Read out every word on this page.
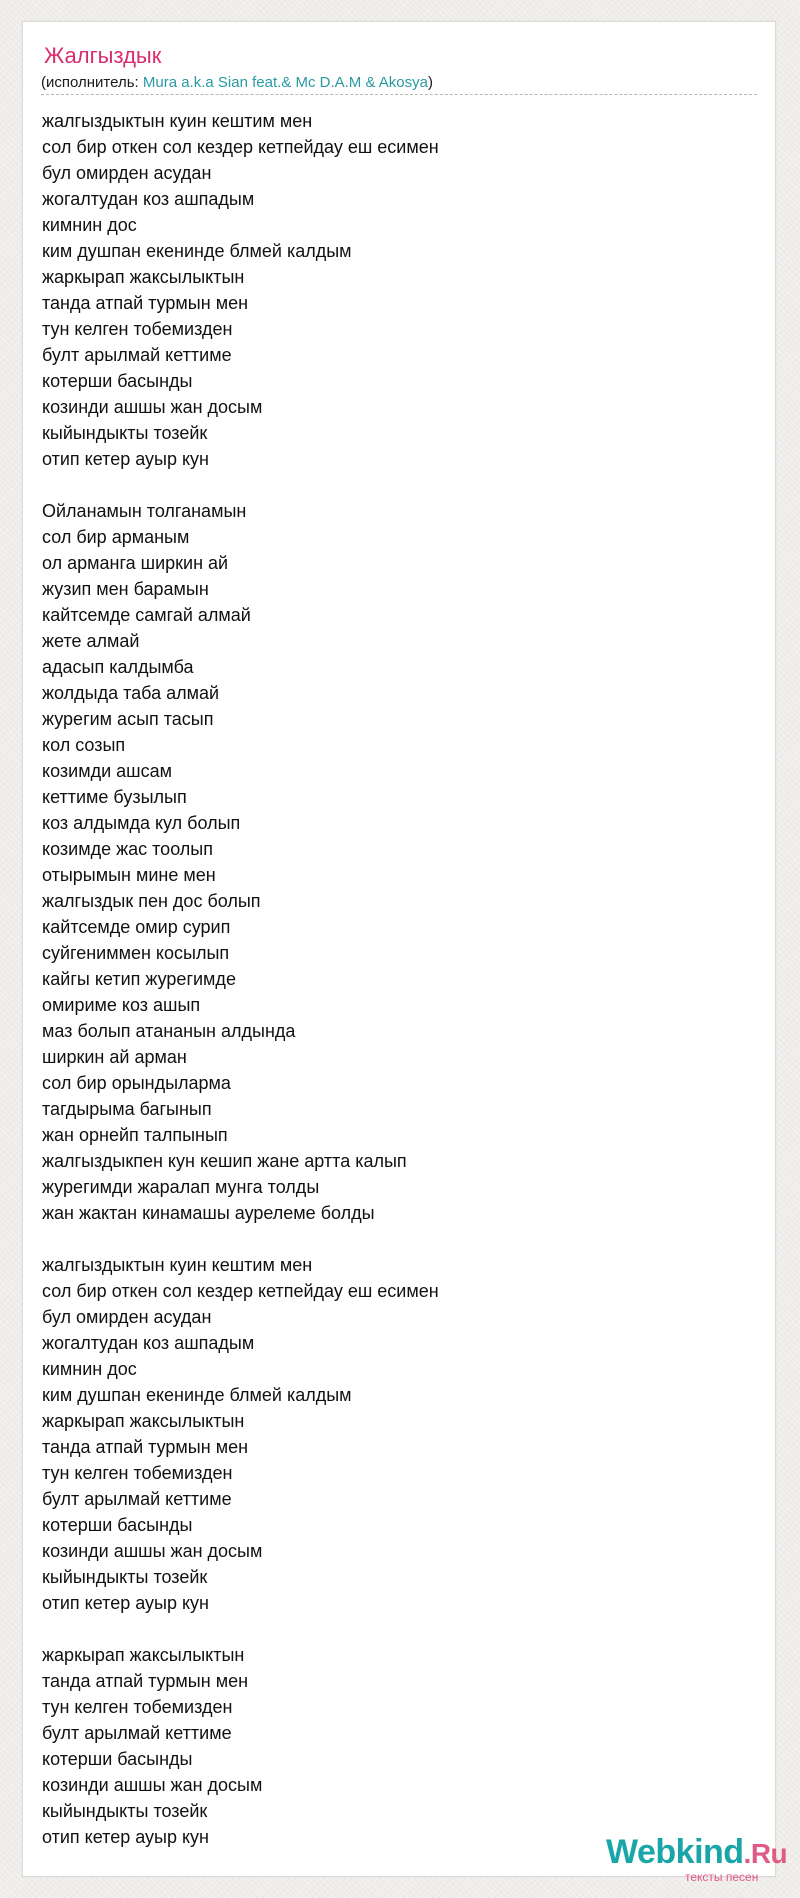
Жалгыздык
(исполнитель: Mura a.k.a Sian feat.& Mc D.A.M & Akosya)
жалгыздыктын куин кештим мен
сол бир откен сол кездер кетпейдау еш есимен
бул омирден асудан
жогалтудан коз ашпадым
кимнин дос
ким душпан екенинде блмей калдым
жаркырап жаксылыктын
танда атпай турмын мен
тун келген тобемизден
булт арылмай кеттиме
котерши басынды
козинди ашшы жан досым
кыйындыкты тозейк
отип кетер ауыр кун
Ойланамын толганамын
сол бир арманым
ол арманга ширкин ай
жузип мен барамын
кайтсемде самгай алмай
жете алмай
адасып калдымба
жолдыда таба алмай
журегим асып тасып
кол созып
козимди ашсам
кеттиме бузылып
коз алдымда кул болып
козимде жас тоолып
отырымын мине мен
жалгыздык пен дос болып
кайтсемде омир сурип
суйгениммен косылып
кайгы кетип журегимде
омириме коз ашып
маз болып атананын алдында
ширкин ай арман
сол бир орындыларма
тагдырыма багынып
жан орнейп талпынып
жалгыздыкпен кун кешип жане артта калып
журегимди жаралап мунга толды
жан жактан кинамашы аурелеме болды
жалгыздыктын куин кештим мен
сол бир откен сол кездер кетпейдау еш есимен
бул омирден асудан
жогалтудан коз ашпадым
кимнин дос
ким душпан екенинде блмей калдым
жаркырап жаксылыктын
танда атпай турмын мен
тун келген тобемизден
булт арылмай кеттиме
котерши басынды
козинди ашшы жан досым
кыйындыкты тозейк
отип кетер ауыр кун
жаркырап жаксылыктын
танда атпай турмын мен
тун келген тобемизден
булт арылмай кеттиме
котерши басынды
козинди ашшы жан досым
кыйындыкты тозейк
отип кетер ауыр кун	Webkind.Ru
тексты песен
